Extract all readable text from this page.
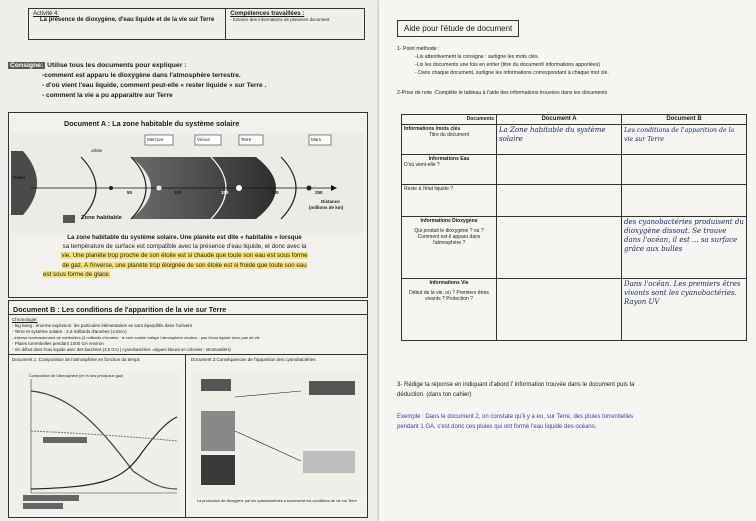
Activité 4:
La présence de dioxygène, d'eau liquide et de la vie sur Terre
Compétences travaillées :
- Extraire des informations de plusieurs document
Consigne: Utilise tous les documents pour expliquer :
-comment est apparu le dioxygène dans l'atmosphère terrestre.
- d'où vient l'eau liquide, comment peut-elle « rester liquide » sur Terre .
- comment la vie a pu apparaître sur Terre
Document A : La zone habitable du système solaire
orbite
Soleil
Mercure	Vénus	Terre	Mars
50	100	150	200	250
Distance
(millions de km)
Zone habitable
La zone habitable du système solaire. Une planète est dite « habitable » lorsque
sa température de surface est compatible avec la présence d'eau liquide, et donc avec la
vie. Une planète trop proche de son étoile est si chaude que toute son eau est sous forme
de gaz. A l'inverse, une planète trop éloignée de son étoile est si froide que toute son eau
est sous forme de glace.
Document B : Les conditions de l'apparition de la vie sur Terre
Chronologie:
- big bang : énorme explosion: les particules élémentaires se sont éparpillés dans l'univers
- Terre et système solaire : 4,6 milliards d'années (4,6GA)
- intense bombardement de météorites (4 milliards d'années : le vent solaire balaye l'atmosphère chaleur ; pas d'eau liquide donc pas de vie
- Pluies torrentielles pendant 1000 GA environ
- Vie début dans l'eau liquide avec des bactéries (3,5 GA) ( cyanobactéries =algues bleues en colonies : stromatolites)
Document 1 :Composition de l'atmosphère en fonction du temps	Document 2:Conséquences de l'apparition des cyanobactéries
Composition de l'atmosphère (en % des principaux gaz)
La production de dioxygène par les cyanobactéries a bouleversé les conditions de vie sur Terre
Aide pour l'étude de document
1- Point méthode :
-Lis attentivement la consigne : surligne les mots clés.
-Lis les documents une fois en entier (titre du document/ informations apportées)
- Dans chaque document, surligne les informations correspondant à chaque mot clé.
2-Prise de note :Complète le tableau à l'aide des informations trouvées dans les documents
Documents	Document A	Document B

Informations /mots clés
Titre du document	La Zone habitable du système solaire	Les conditions de l'apparition de la vie sur Terre

Informations Eau
D'où vient-elle ?		

Reste à l'état liquide ?		

Informations Dioxygène
Qui produit le dioxygène ? où ? Comment est-il apparu dans l'atmosphère ?		des cyanobactéries produisent du dioxygène dissout. Se trouve dans l'océan, il est ... sa surface grâce aux bulles

Informations Vie
Début de la vie, où ? Premiers êtres vivants ? Protection ?		Dans l'océan. Les premiers êtres vivants sont les cyanobactéries. Rayon UV
3- Rédige ta réponse en indiquant d'abord l' information trouvée dans le document puis ta
déduction. (dans ton cahier)
Exemple : Dans le document 2, on constate qu'il y a eu, sur Terre, des pluies torrentielles
pendant 1 GA, c'est donc ces pluies qui ont formé l'eau liquide des océans.
